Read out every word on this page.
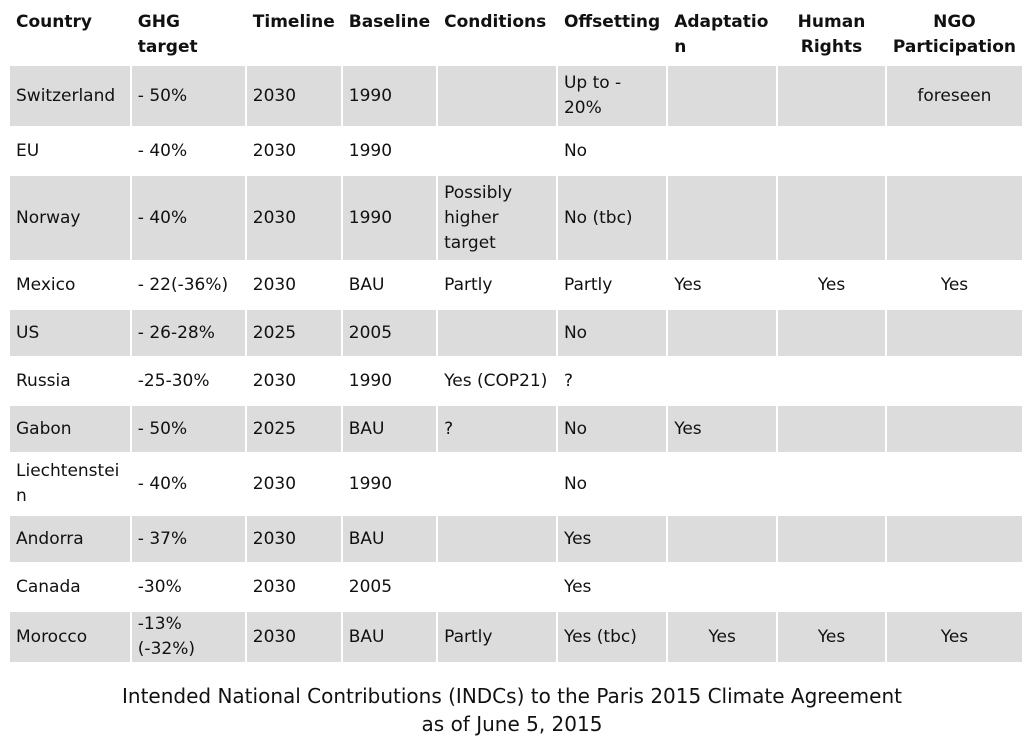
Country	GHG target	Timeline	Baseline	Conditions	Offsetting	Adaptatio n	Human Rights	NGO Participation
Switzerland	- 50%	2030	1990		Up to - 20%			foreseen
EU	- 40%	2030	1990		No			
Norway	- 40%	2030	1990	Possibly higher target	No (tbc)			
Mexico	- 22(-36%)	2030	BAU	Partly	Partly	Yes	Yes	Yes
US	- 26-28%	2025	2005		No			
Russia	-25-30%	2030	1990	Yes (COP21)	?			
Gabon	- 50%	2025	BAU	?	No	Yes		
Liechtenstei n	- 40%	2030	1990		No			
Andorra	- 37%	2030	BAU		Yes			
Canada	-30%	2030	2005		Yes			
Morocco	-13%(-32%)	2030	BAU	Partly	Yes (tbc)	Yes	Yes	Yes
Intended National Contributions (INDCs) to the Paris 2015 Climate Agreement
as of June 5, 2015
